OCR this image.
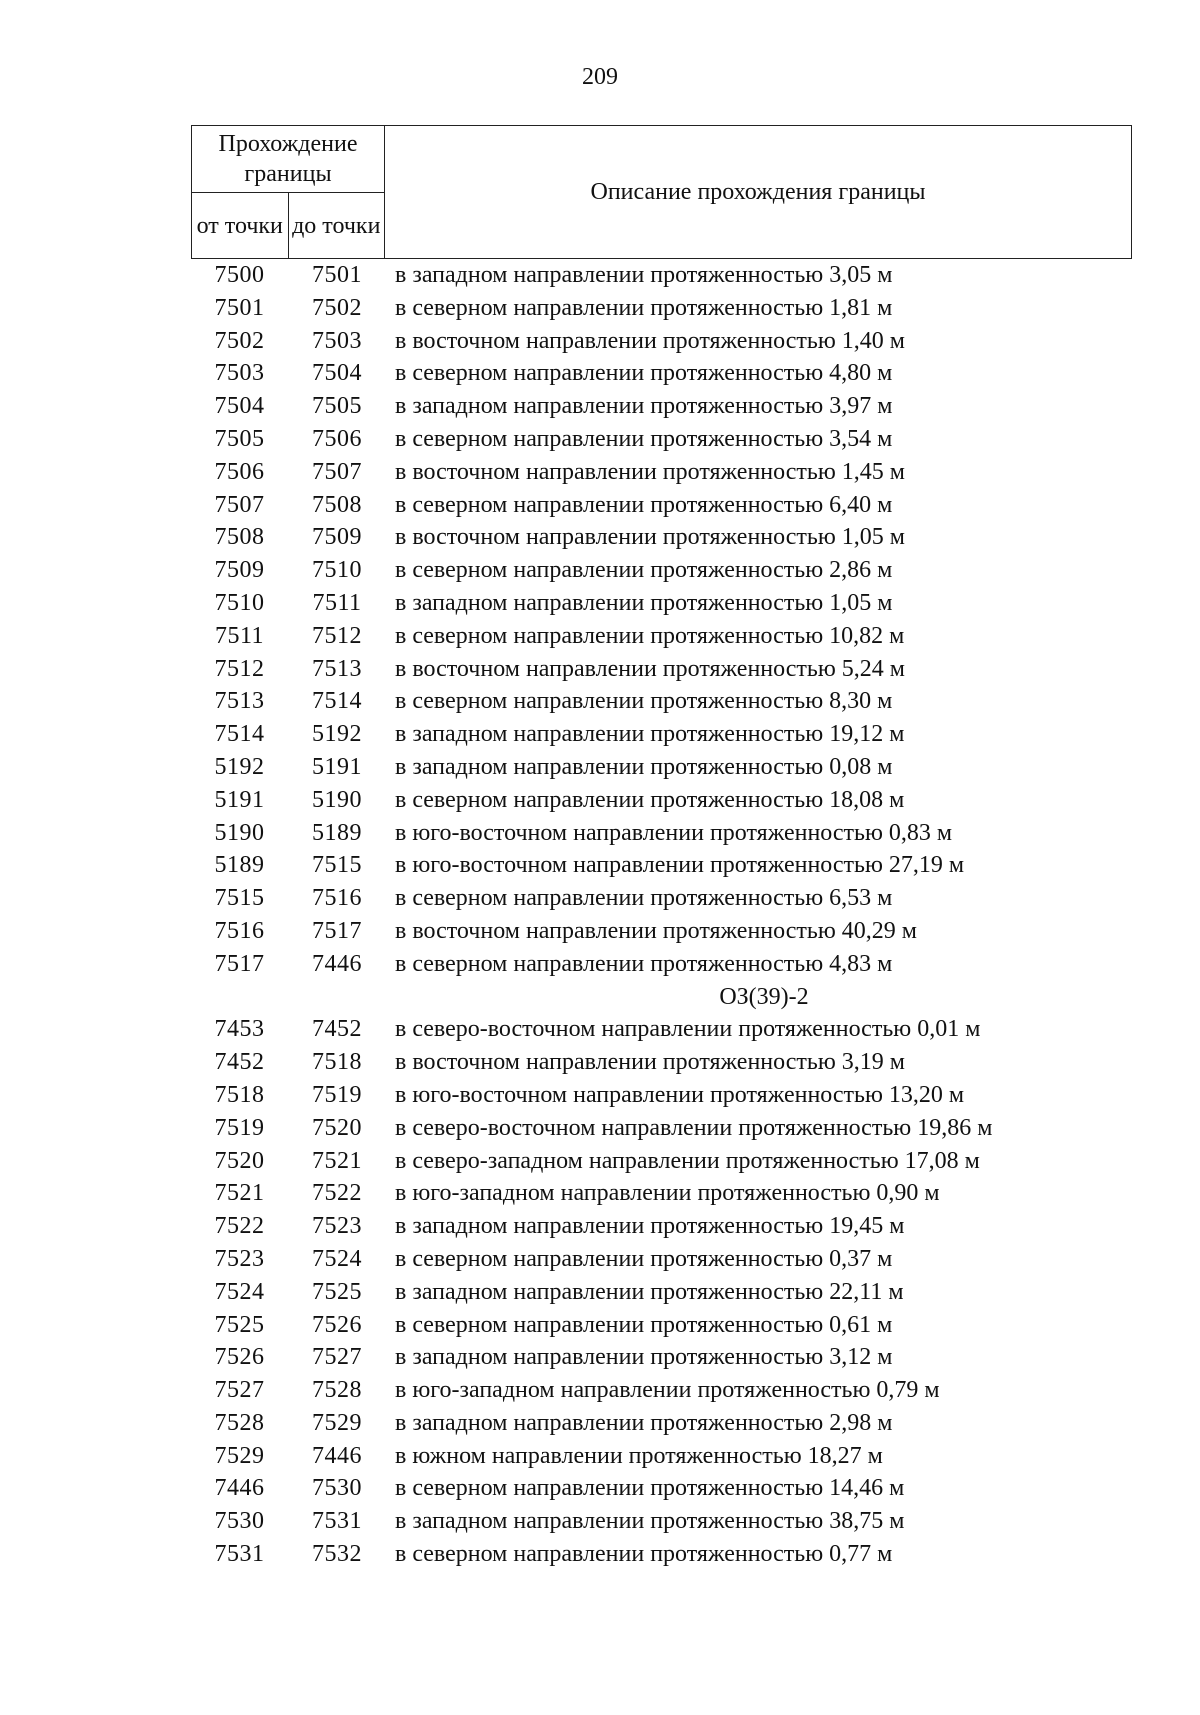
209
Прохождение границы		Описание прохождения границы
от точки	до точки	
7500	7501	в западном направлении протяженностью 3,05 м
7501	7502	в северном направлении протяженностью 1,81 м
7502	7503	в восточном направлении протяженностью 1,40 м
7503	7504	в северном направлении протяженностью 4,80 м
7504	7505	в западном направлении протяженностью 3,97 м
7505	7506	в северном направлении протяженностью 3,54 м
7506	7507	в восточном направлении протяженностью 1,45 м
7507	7508	в северном направлении протяженностью 6,40 м
7508	7509	в восточном направлении протяженностью 1,05 м
7509	7510	в северном направлении протяженностью 2,86 м
7510	7511	в западном направлении протяженностью 1,05 м
7511	7512	в северном направлении протяженностью 10,82 м
7512	7513	в восточном направлении протяженностью 5,24 м
7513	7514	в северном направлении протяженностью 8,30 м
7514	5192	в западном направлении протяженностью 19,12 м
5192	5191	в западном направлении протяженностью 0,08 м
5191	5190	в северном направлении протяженностью 18,08 м
5190	5189	в юго-восточном направлении протяженностью 0,83 м
5189	7515	в юго-восточном направлении протяженностью 27,19 м
7515	7516	в северном направлении протяженностью 6,53 м
7516	7517	в восточном направлении протяженностью 40,29 м
7517	7446	в северном направлении протяженностью 4,83 м
ОЗ(39)-2
7453	7452	в северо-восточном направлении протяженностью 0,01 м
7452	7518	в восточном направлении протяженностью 3,19 м
7518	7519	в юго-восточном направлении протяженностью 13,20 м
7519	7520	в северо-восточном направлении протяженностью 19,86 м
7520	7521	в северо-западном направлении протяженностью 17,08 м
7521	7522	в юго-западном направлении протяженностью 0,90 м
7522	7523	в западном направлении протяженностью 19,45 м
7523	7524	в северном направлении протяженностью 0,37 м
7524	7525	в западном направлении протяженностью 22,11 м
7525	7526	в северном направлении протяженностью 0,61 м
7526	7527	в западном направлении протяженностью 3,12 м
7527	7528	в юго-западном направлении протяженностью 0,79 м
7528	7529	в западном направлении протяженностью 2,98 м
7529	7446	в южном направлении протяженностью 18,27 м
7446	7530	в северном направлении протяженностью 14,46 м
7530	7531	в западном направлении протяженностью 38,75 м
7531	7532	в северном направлении протяженностью 0,77 м
